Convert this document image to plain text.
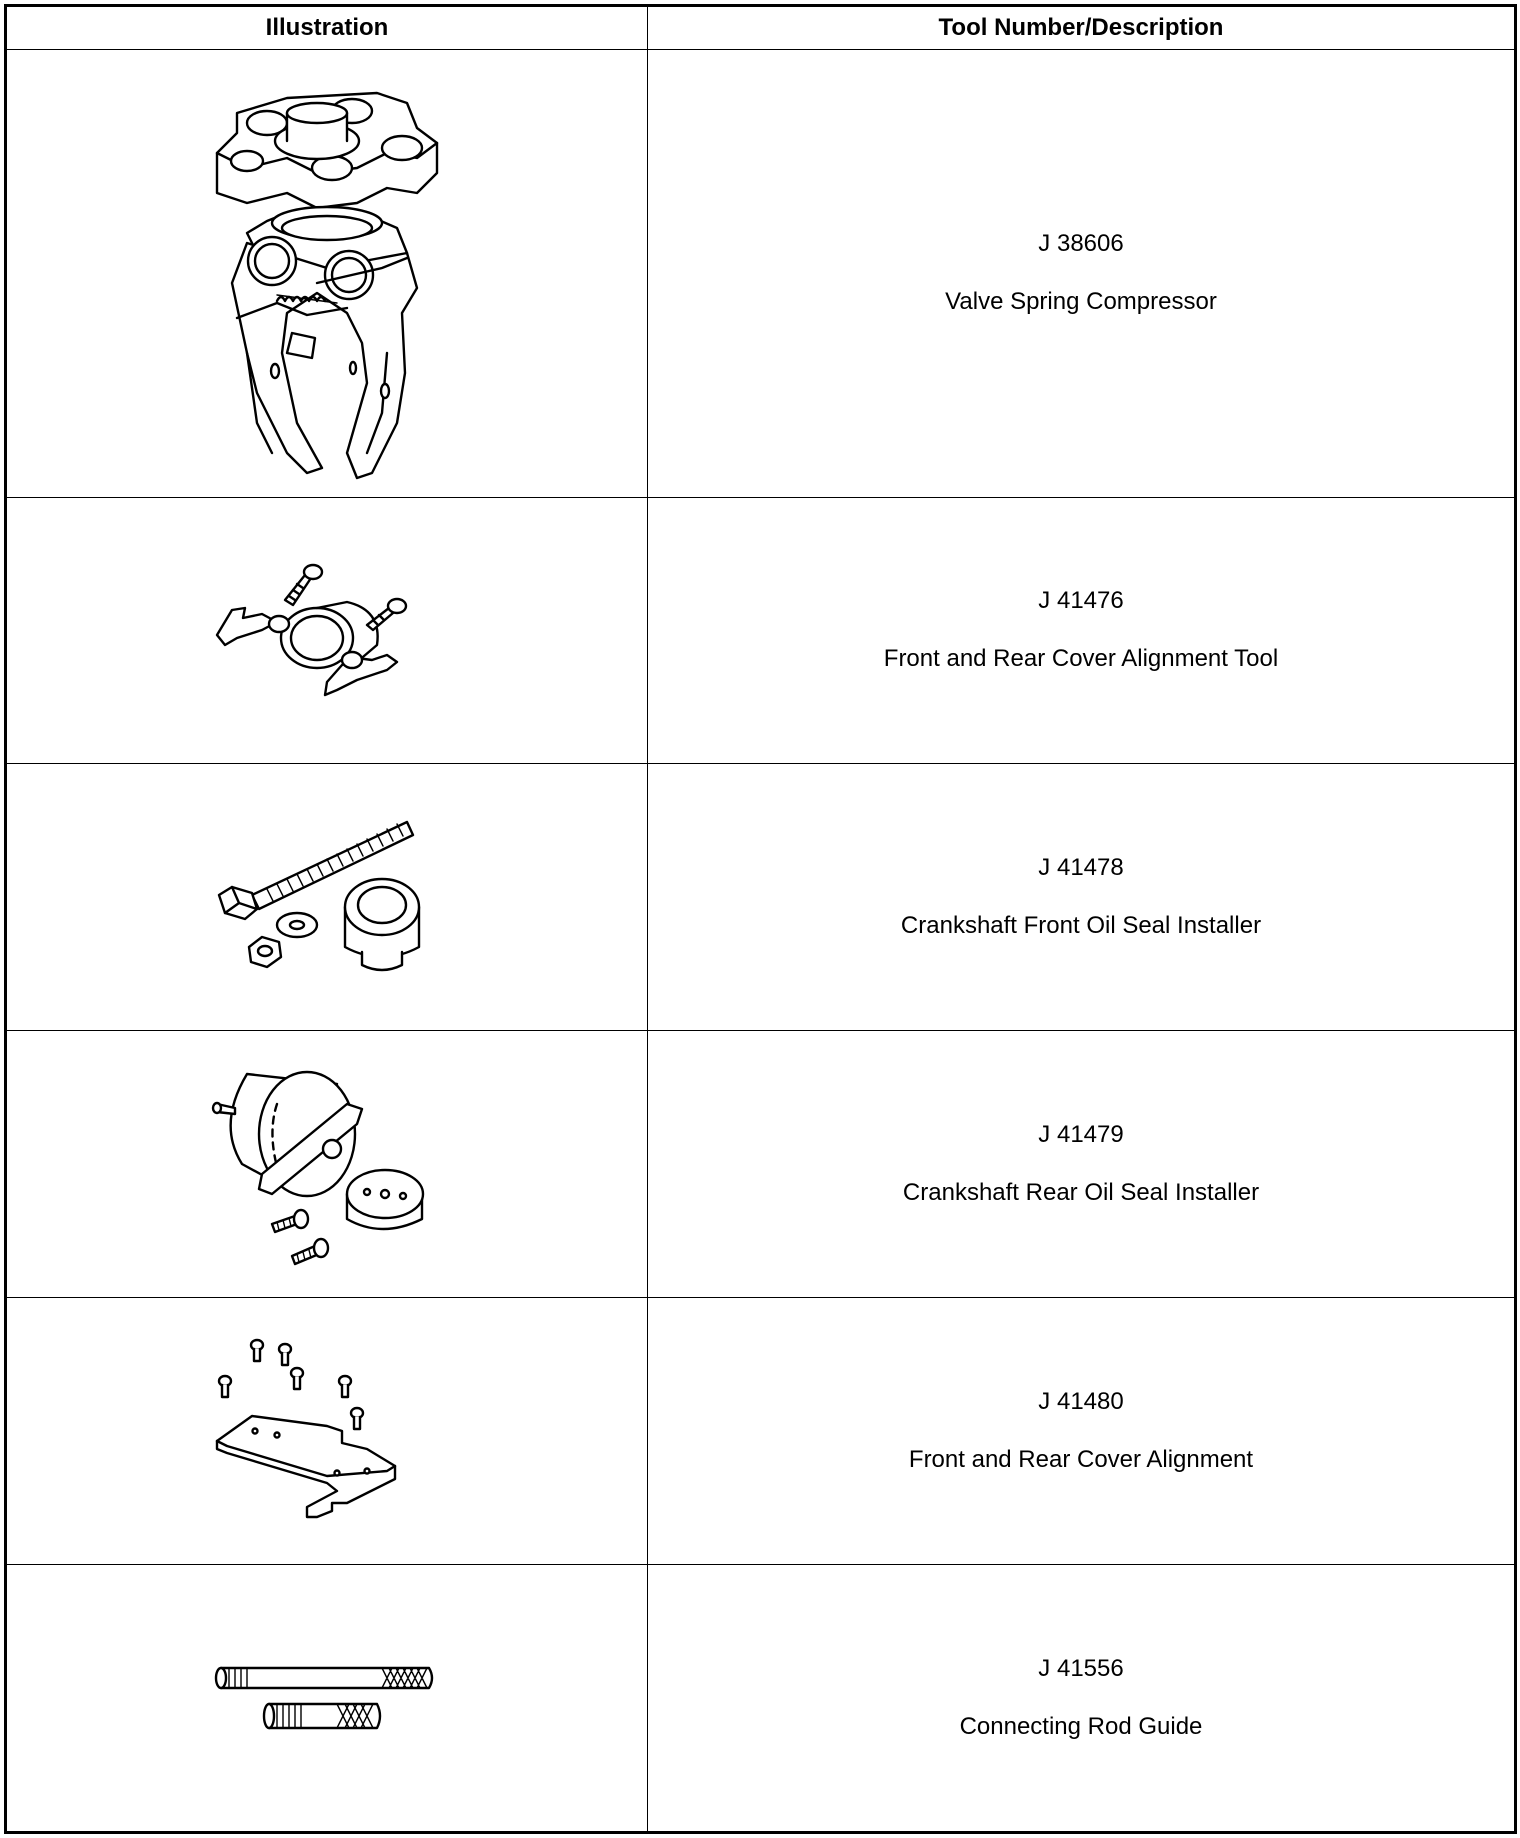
Illustration	Tool Number/Description

J 38606
Valve Spring Compressor

J 41476
Front and Rear Cover Alignment Tool

J 41478
Crankshaft Front Oil Seal Installer

J 41479
Crankshaft Rear Oil Seal Installer

J 41480
Front and Rear Cover Alignment

J 41556
Connecting Rod Guide
